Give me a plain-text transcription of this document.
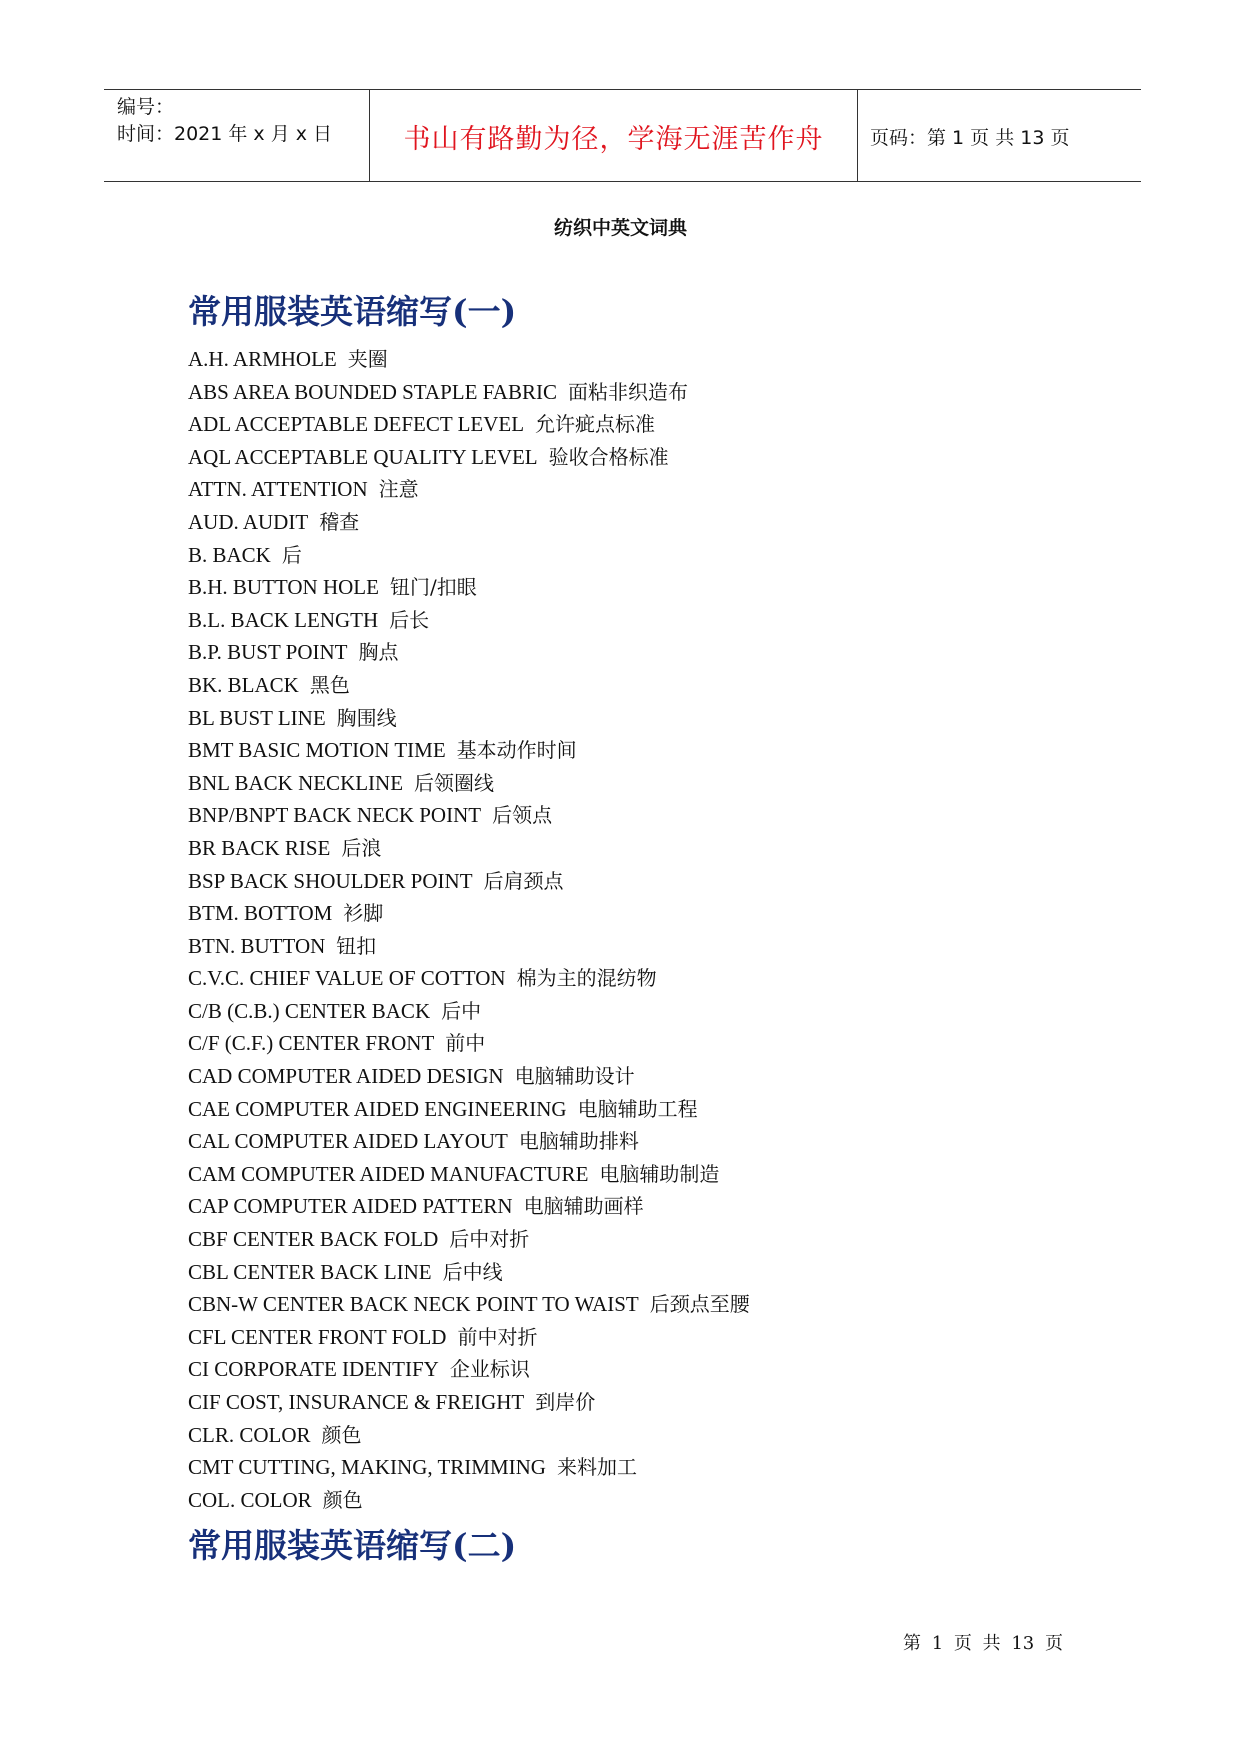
编号：
时间：2021 年 x 月 x 日	书山有路勤为径，学海无涯苦作舟	页码：第 1 页 共 13 页
纺织中英文词典
常用服装英语缩写(一)
A.H. ARMHOLE 夹圈
ABS AREA BOUNDED STAPLE FABRIC 面粘非织造布
ADL ACCEPTABLE DEFECT LEVEL 允许疵点标准
AQL ACCEPTABLE QUALITY LEVEL 验收合格标准
ATTN. ATTENTION 注意
AUD. AUDIT 稽查
B. BACK 后
B.H. BUTTON HOLE 钮门/扣眼
B.L. BACK LENGTH 后长
B.P. BUST POINT 胸点
BK. BLACK 黑色
BL BUST LINE 胸围线
BMT BASIC MOTION TIME 基本动作时间
BNL BACK NECKLINE 后领圈线
BNP/BNPT BACK NECK POINT 后领点
BR BACK RISE 后浪
BSP BACK SHOULDER POINT 后肩颈点
BTM. BOTTOM 衫脚
BTN. BUTTON 钮扣
C.V.C. CHIEF VALUE OF COTTON 棉为主的混纺物
C/B (C.B.) CENTER BACK 后中
C/F (C.F.) CENTER FRONT 前中
CAD COMPUTER AIDED DESIGN 电脑辅助设计
CAE COMPUTER AIDED ENGINEERING 电脑辅助工程
CAL COMPUTER AIDED LAYOUT 电脑辅助排料
CAM COMPUTER AIDED MANUFACTURE 电脑辅助制造
CAP COMPUTER AIDED PATTERN 电脑辅助画样
CBF CENTER BACK FOLD 后中对折
CBL CENTER BACK LINE 后中线
CBN-W CENTER BACK NECK POINT TO WAIST 后颈点至腰
CFL CENTER FRONT FOLD 前中对折
CI CORPORATE IDENTIFY 企业标识
CIF COST, INSURANCE & FREIGHT 到岸价
CLR. COLOR 颜色
CMT CUTTING, MAKING, TRIMMING 来料加工
COL. COLOR 颜色
常用服装英语缩写(二)
第 1 页 共 13 页
